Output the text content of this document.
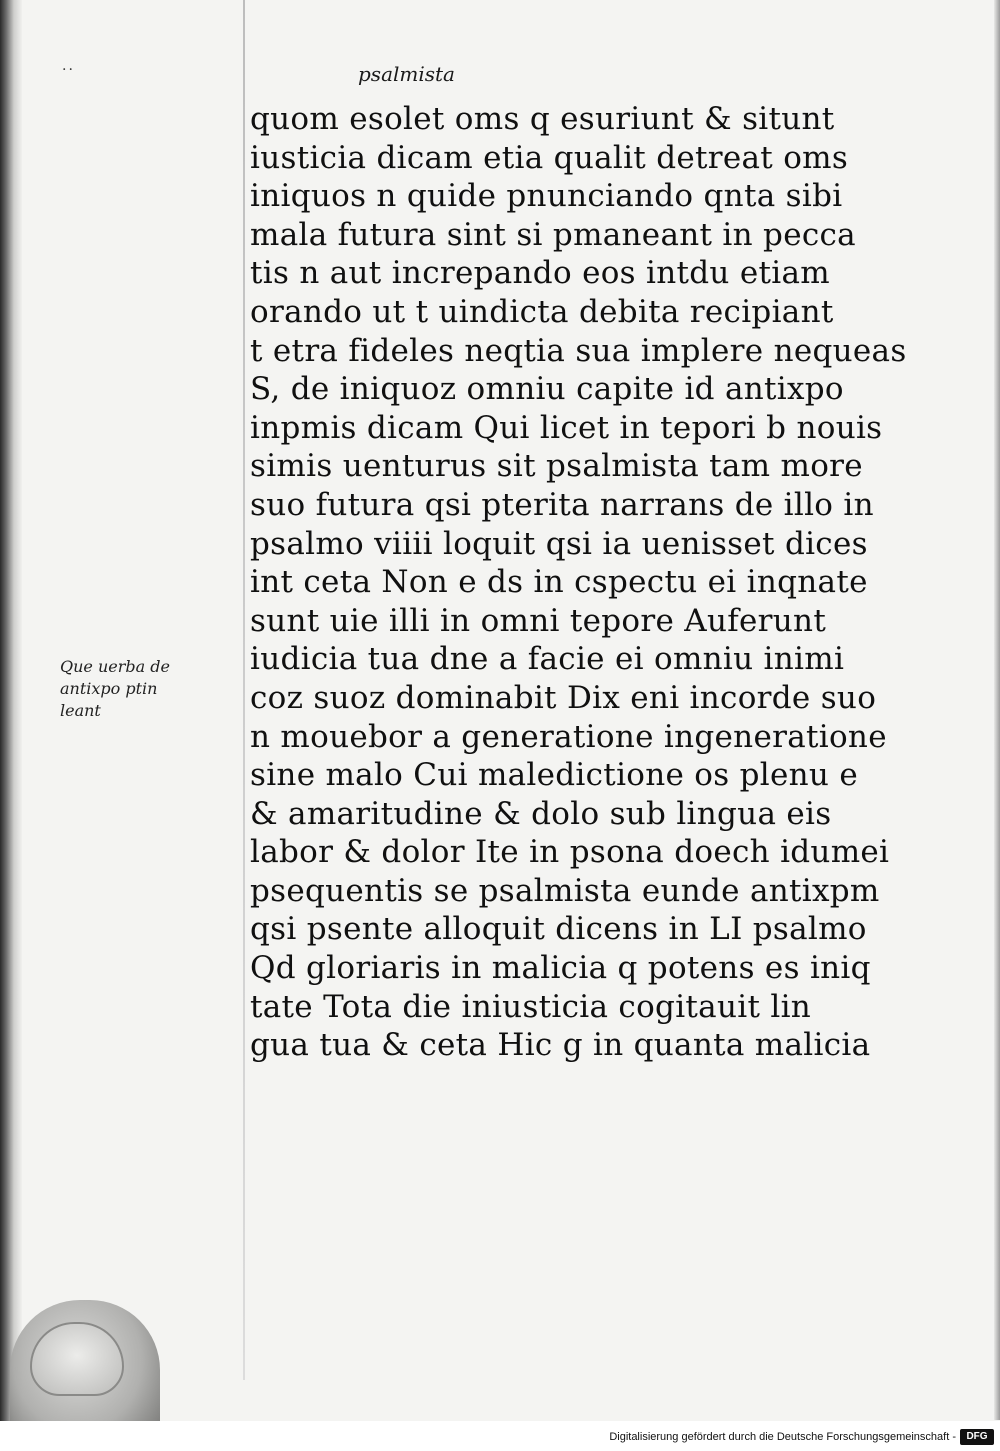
..	psalmista
quom esolet oms q esuriunt & situnt
iusticia dicam etia qualit detreat oms
iniquos n quide pnunciando qnta sibi
mala futura sint si pmaneant in pecca
tis n aut increpando eos intdu etiam
orando ut t uindicta debita recipiant
t etra fideles neqtia sua implere nequeas
S, de iniquoz omniu capite id antixpo
inpmis dicam Qui licet in tepori b nouis
simis uenturus sit psalmista tam more
suo futura qsi pterita narrans de illo in
psalmo viiii loquit qsi ia uenisset dices
int ceta Non e ds in cspectu ei inqnate
sunt uie illi in omni tepore Auferunt
iudicia tua dne a facie ei omniu inimi
coz suoz dominabit Dix eni incorde suo
n mouebor a generatione ingeneratione
sine malo Cui maledictione os plenu e
& amaritudine & dolo sub lingua eis
labor & dolor Ite in psona doech idumei
psequentis se psalmista eunde antixpm
qsi psente alloquit dicens in LI psalmo
Qd gloriaris in malicia q potens es iniq
tate Tota die iniusticia cogitauit lin
gua tua & ceta Hic g in quanta malicia
Que uerba de
antixpo ptin
leant
Digitalisierung gefördert durch die Deutsche Forschungsgemeinschaft -	DFG
